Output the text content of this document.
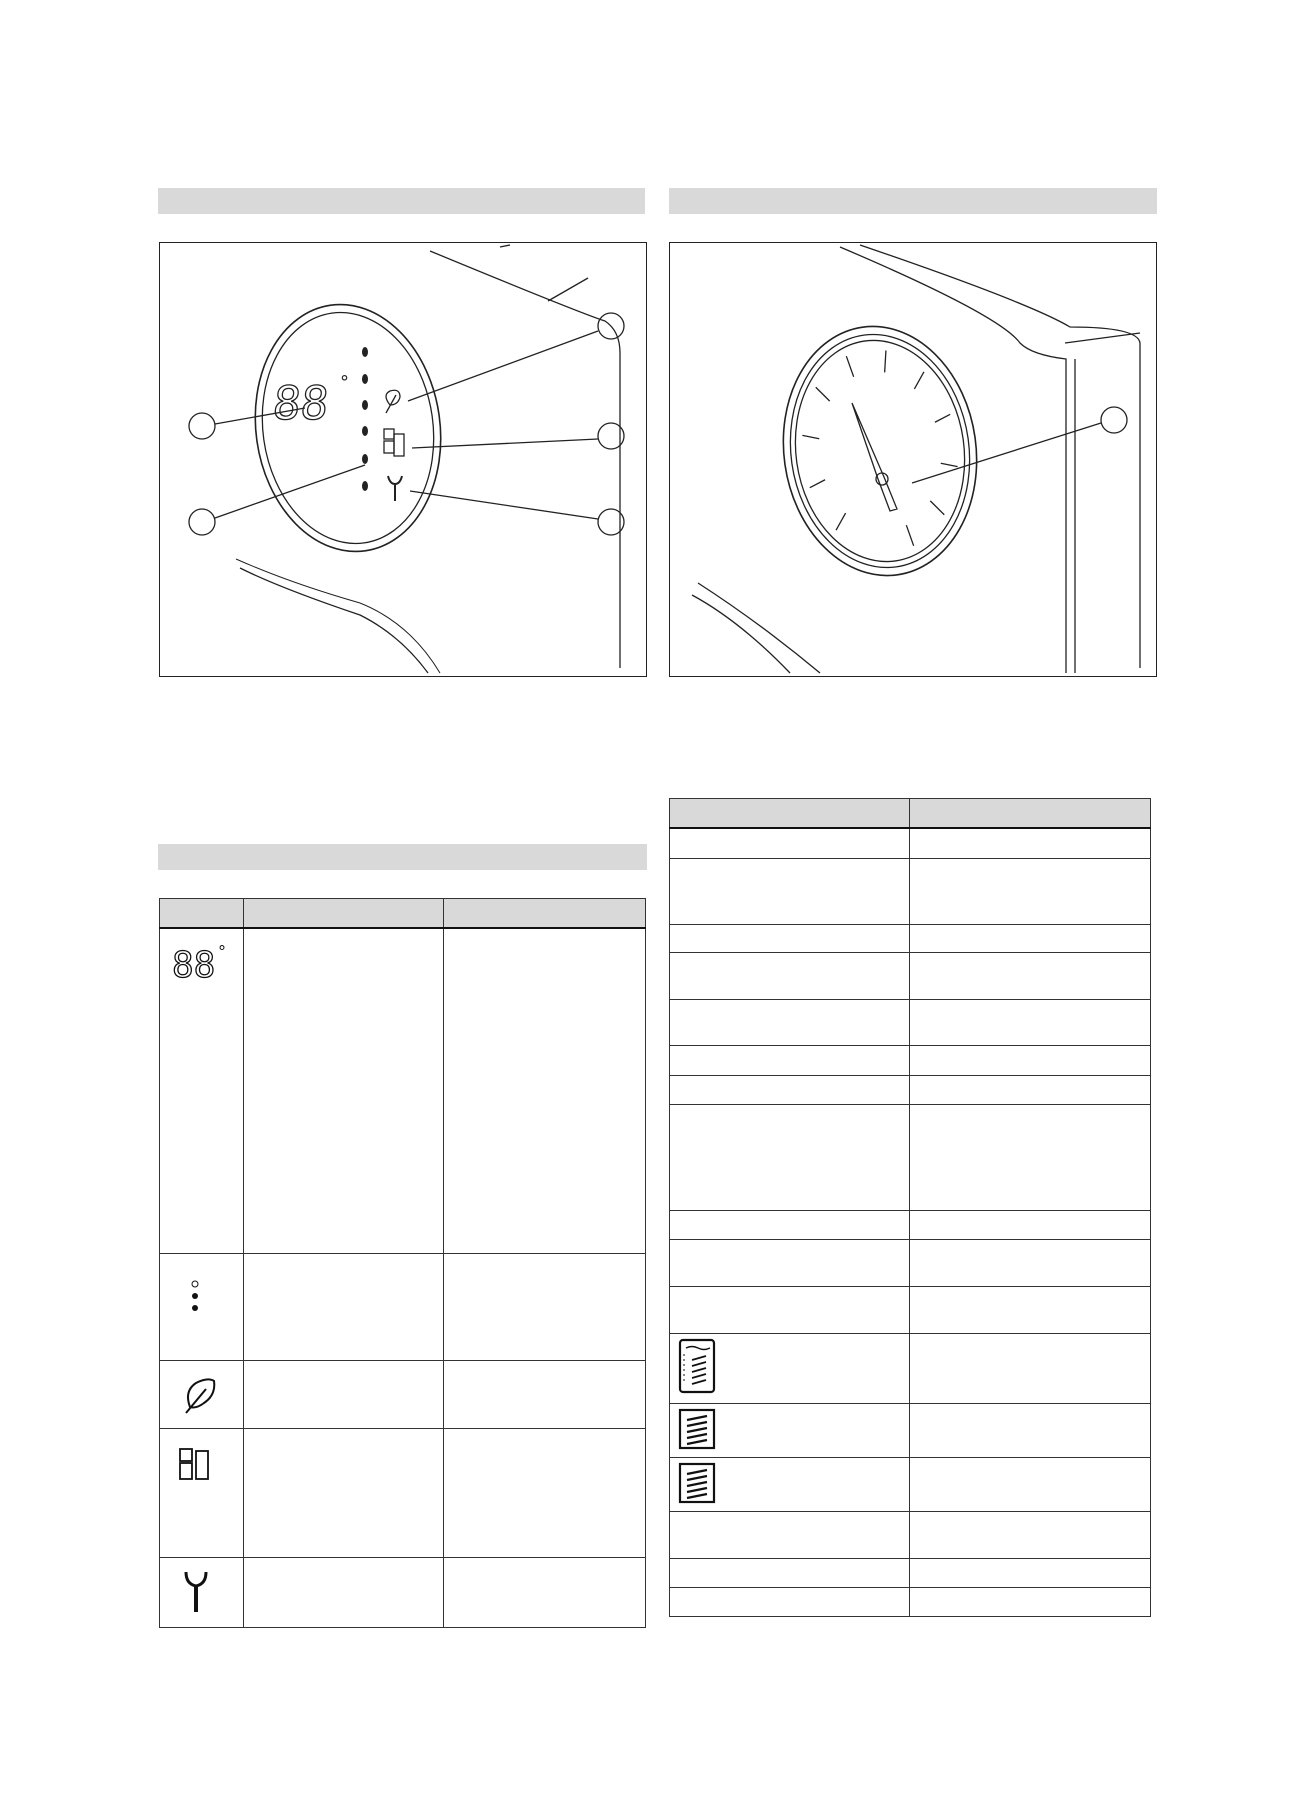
88 °

88 °		
